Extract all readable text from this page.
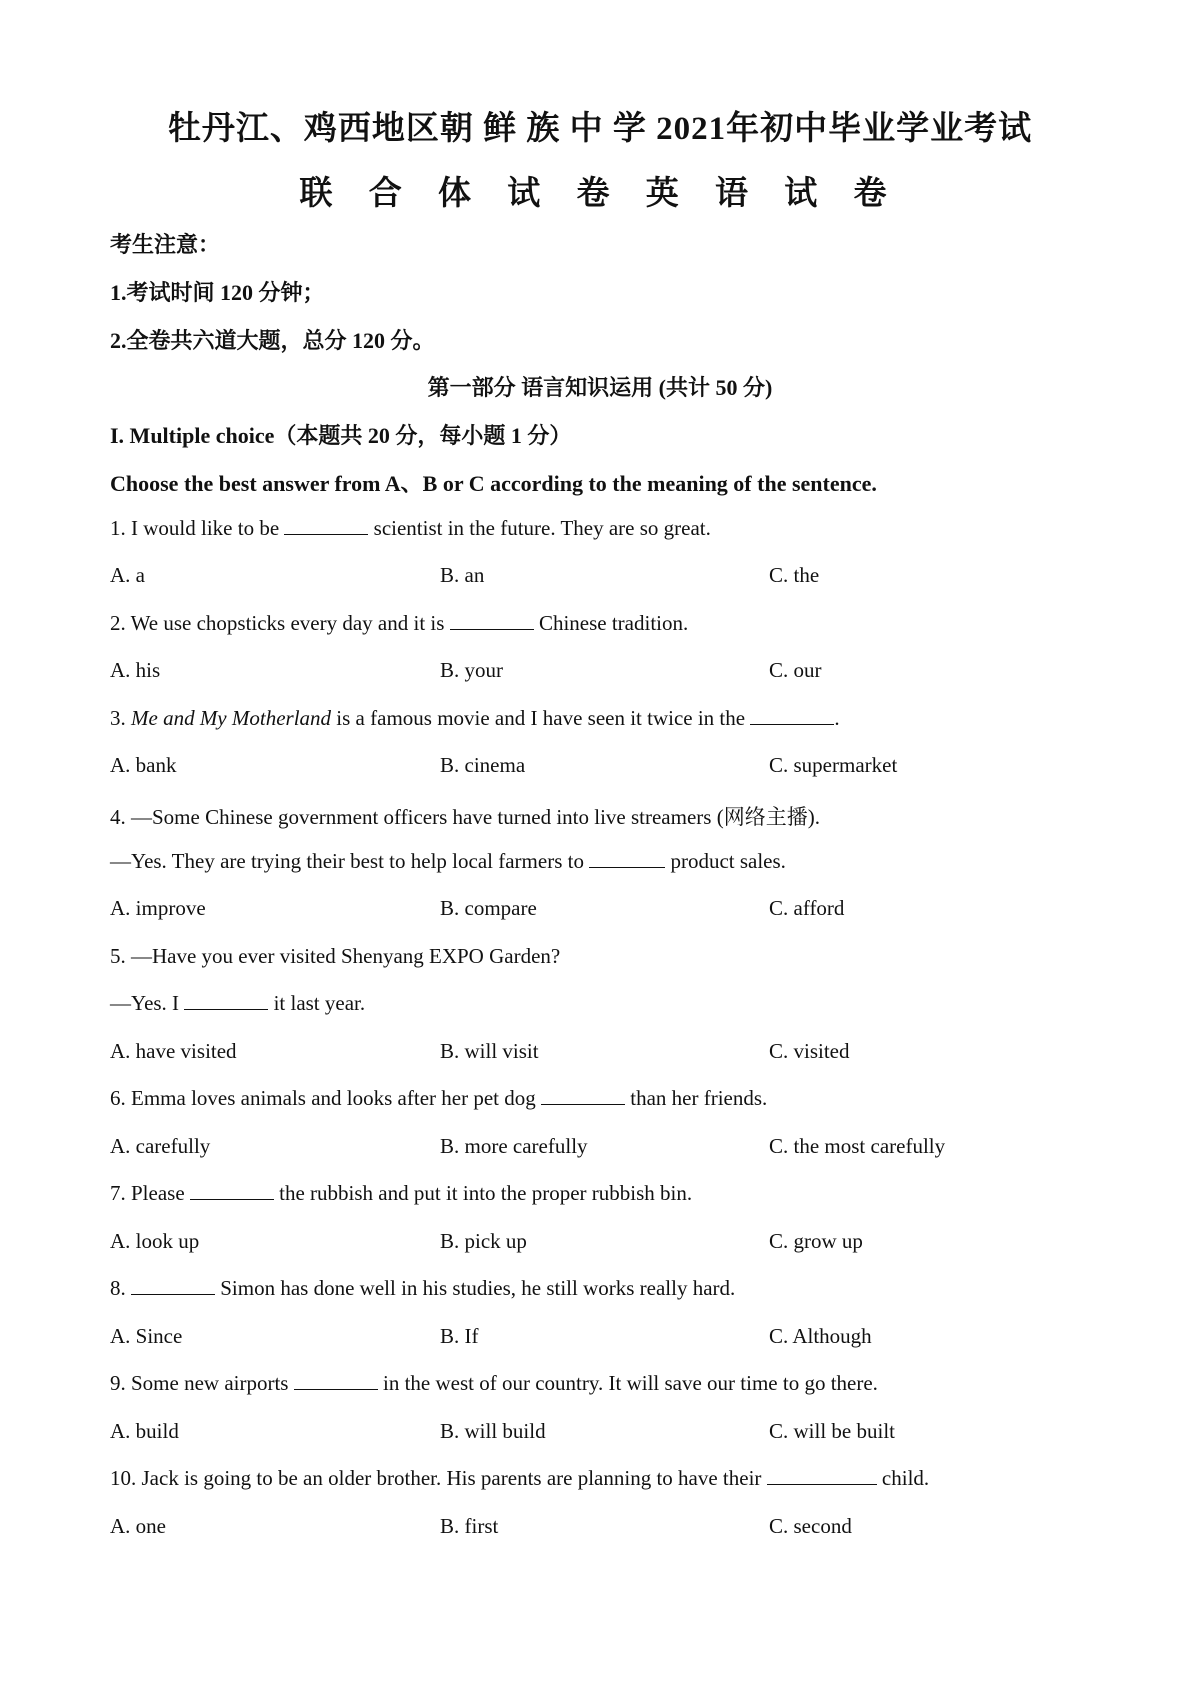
牡丹江、鸡西地区朝 鲜 族 中 学 2021年初中毕业学业考试
联 合 体 试 卷 英 语 试 卷
考生注意：
1.考试时间 120 分钟；
2.全卷共六道大题，总分 120 分。
第一部分 语言知识运用 (共计 50 分)
I. Multiple choice（本题共 20 分，每小题 1 分）
Choose the best answer from A、B or C according to the meaning of the sentence.
1. I would like to be	scientist in the future. They are so great.
A. a	B. an	C. the
2. We use chopsticks every day and it is	Chinese tradition.
A. his	B. your	C. our
3. Me and My Motherland is a famous movie and I have seen it twice in the	.
A. bank	B. cinema	C. supermarket
4. —Some Chinese government officers have turned into live streamers (网络主播).
—Yes. They are trying their best to help local farmers to	product sales.
A. improve	B. compare	C. afford
5. —Have you ever visited Shenyang EXPO Garden?
—Yes. I	it last year.
A. have visited	B. will visit	C. visited
6. Emma loves animals and looks after her pet dog	than her friends.
A. carefully	B. more carefully	C. the most carefully
7. Please	the rubbish and put it into the proper rubbish bin.
A. look up	B. pick up	C. grow up
8.	Simon has done well in his studies, he still works really hard.
A. Since	B. If	C. Although
9. Some new airports	in the west of our country. It will save our time to go there.
A. build	B. will build	C. will be built
10. Jack is going to be an older brother. His parents are planning to have their	child.
A. one	B. first	C. second
